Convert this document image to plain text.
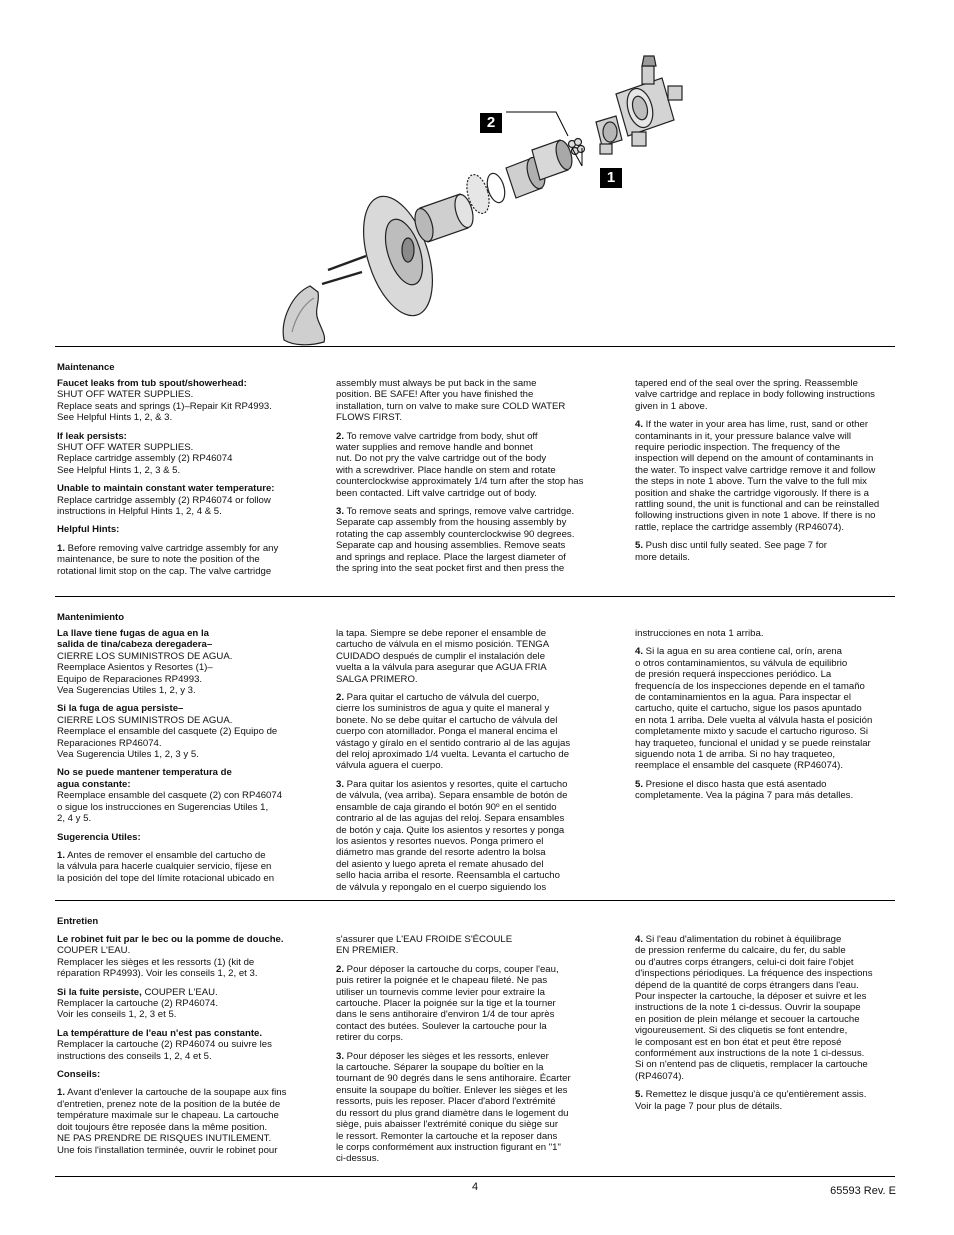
2
1
Maintenance

Faucet leaks from tub spout/showerhead:
SHUT OFF WATER SUPPLIES.
Replace seats and springs (1)–Repair Kit RP4993.
See Helpful Hints 1, 2, & 3.

If leak persists:
SHUT OFF WATER SUPPLIES.
Replace cartridge assembly (2) RP46074
See Helpful Hints 1, 2, 3 & 5.

Unable to maintain constant water temperature:
Replace cartridge assembly (2) RP46074 or follow
instructions in Helpful Hints 1, 2, 4 & 5.

Helpful Hints:

1. Before removing valve cartridge assembly for any
maintenance, be sure to note the position of the
rotational limit stop on the cap. The valve cartridge

assembly must always be put back in the same
position. BE SAFE! After you have finished the
installation, turn on valve to make sure COLD WATER
FLOWS FIRST.

2. To remove valve cartridge from body, shut off
water supplies and remove handle and bonnet
nut. Do not pry the valve cartridge out of the body
with a screwdriver. Place handle on stem and rotate
counterclockwise approximately 1/4 turn after the stop has
been contacted. Lift valve cartridge out of body.

3. To remove seats and springs, remove valve cartridge.
Separate cap assembly from the housing assembly by
rotating the cap assembly counterclockwise 90 degrees.
Separate cap and housing assemblies. Remove seats
and springs and replace. Place the largest diameter of
the spring into the seat pocket first and then press the

tapered end of the seal over the spring. Reassemble
valve cartridge and replace in body following instructions
given in 1 above.

4. If the water in your area has lime, rust, sand or other
contaminants in it, your pressure balance valve will
require periodic inspection. The frequency of the
inspection will depend on the amount of contaminants in
the water. To inspect valve cartridge remove it and follow
the steps in note 1 above. Turn the valve to the full mix
position and shake the cartridge vigorously. If there is a
rattling sound, the unit is functional and can be reinstalled
following instructions given in note 1 above. If there is no
rattle, replace the cartridge assembly (RP46074).

5. Push disc until fully seated. See page 7 for
more details.

Mantenimiento

La llave tiene fugas de agua en la
salida de tina/cabeza deregadera–
CIERRE LOS SUMINISTROS DE AGUA.
Reemplace Asientos y Resortes (1)–
Equipo de Reparaciones RP4993.
Vea Sugerencias Utiles 1, 2, y 3.

Si la fuga de agua persiste–
CIERRE LOS SUMINISTROS DE AGUA.
Reemplace el ensamble del casquete (2) Equipo de
Reparaciones RP46074.
Vea Sugerencia Utiles 1, 2, 3 y 5.

No se puede mantener temperatura de
agua constante:
Reemplace ensamble del casquete (2) con RP46074
o sigue los instrucciones en Sugerencias Utiles 1,
2, 4 y 5.

Sugerencia Utiles:

1. Antes de remover el ensamble del cartucho de
la válvula para hacerle cualquier servicio, fíjese en
la posición del tope del límite rotacional ubicado en

la tapa. Siempre se debe reponer el ensamble de
cartucho de válvula en el mismo posición. TENGA
CUIDADO después de cumplir el instalación dele
vuelta a la válvula para asegurar que AGUA FRIA
SALGA PRIMERO.

2. Para quitar el cartucho de válvula del cuerpo,
cierre los suministros de agua y quite el maneral y
bonete. No se debe quitar el cartucho de válvula del
cuerpo con atornillador. Ponga el maneral encima el
vástago y gíralo en el sentido contrario al de las agujas
del reloj aproximado 1/4 vuelta. Levanta el cartucho de
válvula aguera el cuerpo.

3. Para quitar los asientos y resortes, quite el cartucho
de válvula, (vea arriba). Separa ensamble de botón de
ensamble de caja girando el botón 90º en el sentido
contrario al de las agujas del reloj. Separa ensambles
de botón y caja. Quite los asientos y resortes y ponga
los asientos y resortes nuevos. Ponga primero el
diámetro mas grande del resorte adentro la bolsa
del asiento y luego apreta el remate ahusado del
sello hacia arriba el resorte. Reensambla el cartucho
de válvula y repongalo en el cuerpo siguiendo los

instrucciones en nota 1 arriba.

4. Si la agua en su area contiene cal, orín, arena
o otros contaminamientos, su válvula de equilibrio
de presión requerá inspecciones periódico. La
frequencía de los inspecciones depende en el tamaño
de contaminamientos en la agua. Para inspectar el
cartucho, quite el cartucho, sigue los pasos apuntado
en nota 1 arriba. Dele vuelta al válvula hasta el posición
completamente mixto y sacude el cartucho riguroso. Si
hay traqueteo, funcional el unidad y se puede reinstalar
siguendo nota 1 de arriba. Si no hay traqueteo,
reemplace el ensamble del casquete (RP46074).

5. Presione el disco hasta que está asentado
completamente. Vea la página 7 para más detalles.

Entretien

Le robinet fuit par le bec ou la pomme de douche. COUPER L'EAU.
Remplacer les sièges et les ressorts (1) (kit de
réparation RP4993). Voir les conseils 1, 2, et 3.

Si la fuite persiste, COUPER L'EAU.
Remplacer la cartouche (2) RP46074.
Voir les conseils 1, 2, 3 et 5.

La températture de l'eau n'est pas constante.
Remplacer la cartouche (2) RP46074 ou suivre les
instructions des conseils 1, 2, 4 et 5.

Conseils:

1. Avant d'enlever la cartouche de la soupape aux fins
d'entretien, prenez note de la position de la butée de
température maximale sur le chapeau. La cartouche
doit toujours être reposée dans la même position.
NE PAS PRENDRE DE RISQUES INUTILEMENT.
Une fois l'installation terminée, ouvrir le robinet pour

s'assurer que L'EAU FROIDE S'ÉCOULE
EN PREMIER.

2. Pour déposer la cartouche du corps, couper l'eau,
puis retirer la poignée et le chapeau fileté. Ne pas
utiliser un tournevis comme levier pour extraire la
cartouche. Placer la poignée sur la tige et la tourner
dans le sens antihoraire d'environ 1/4 de tour après
contact des butées. Soulever la cartouche pour la
retirer du corps.

3. Pour déposer les sièges et les ressorts, enlever
la cartouche. Séparer la soupape du boîtier en la
tournant de 90 degrés dans le sens antihoraire. Écarter
ensuite la soupape du boîtier. Enlever les sièges et les
ressorts, puis les reposer. Placer d'abord l'extrémité
du ressort du plus grand diamètre dans le logement du
siège, puis abaisser l'extrémité conique du siège sur
le ressort. Remonter la cartouche et la reposer dans
le corps conformément aux instruction figurant en "1"
ci-dessus.

4. Si l'eau d'alimentation du robinet à équilibrage
de pression renferme du calcaire, du fer, du sable
ou d'autres corps étrangers, celui-ci doit faire l'objet
d'inspections périodiques. La fréquence des inspections
dépend de la quantité de corps étrangers dans l'eau.
Pour inspecter la cartouche, la déposer et suivre et les
instructions de la note 1 ci-dessus. Ouvrir la soupape
en position de plein mélange et secouer la cartouche
vigoureusement. Si des cliquetis se font entendre,
le composant est en bon état et peut être reposé
conformément aux instructions de la note 1 ci-dessus.
Si on n'entend pas de cliquetis, remplacer la cartouche
(RP46074).

5. Remettez le disque jusqu'à ce qu'entièrement assis.
Voir la page 7 pour plus de détails.

4	65593 Rev. E
